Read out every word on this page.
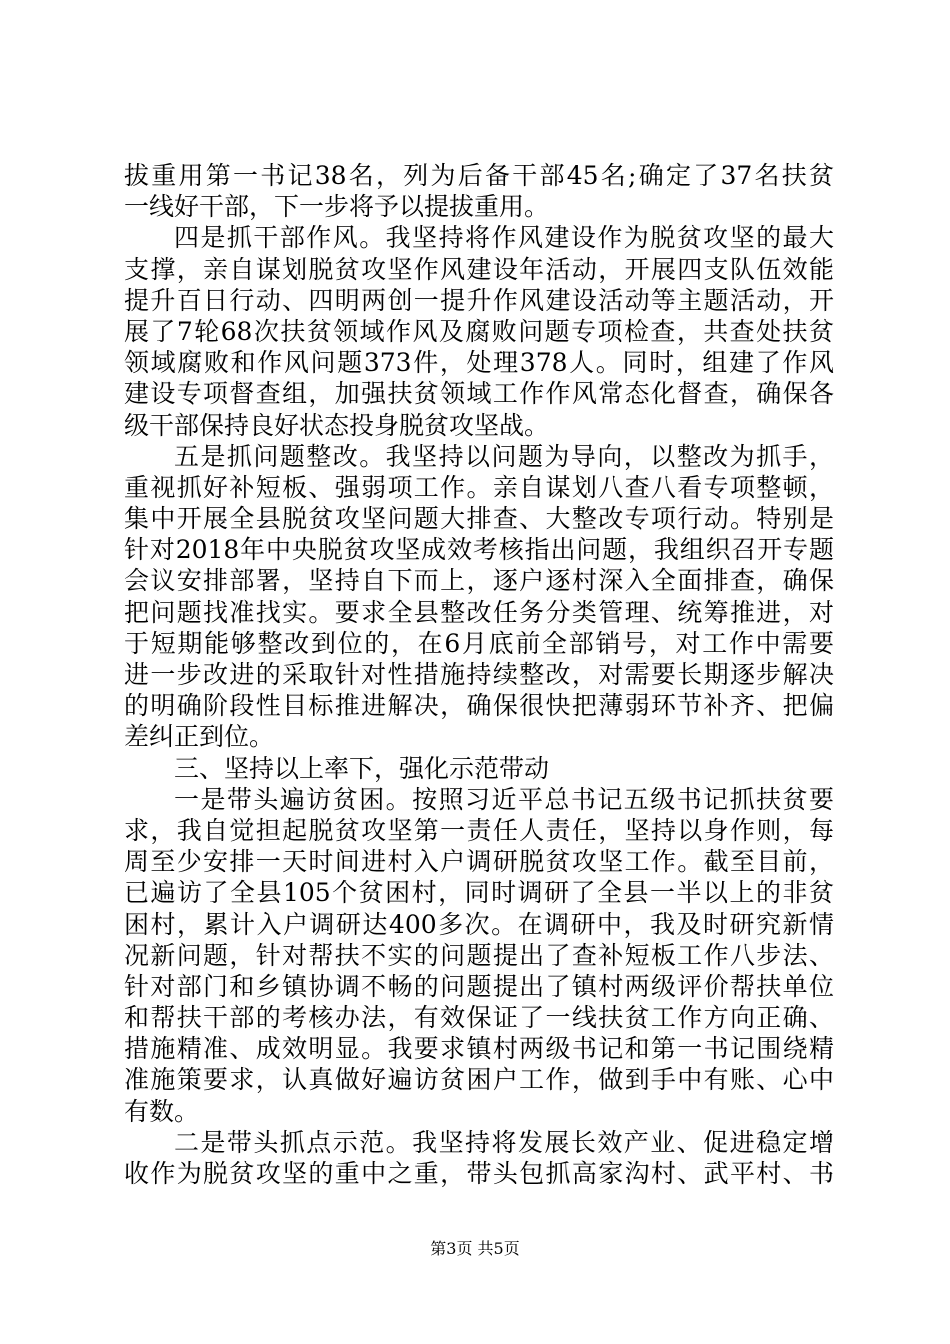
拔重用第一书记38名，列为后备干部45名;确定了37名扶贫
一线好干部，下一步将予以提拔重用。
四是抓干部作风。我坚持将作风建设作为脱贫攻坚的最大
支撑，亲自谋划脱贫攻坚作风建设年活动，开展四支队伍效能
提升百日行动、四明两创一提升作风建设活动等主题活动，开
展了7轮68次扶贫领域作风及腐败问题专项检查，共查处扶贫
领域腐败和作风问题373件，处理378人。同时，组建了作风
建设专项督查组，加强扶贫领域工作作风常态化督查，确保各
级干部保持良好状态投身脱贫攻坚战。
五是抓问题整改。我坚持以问题为导向，以整改为抓手，
重视抓好补短板、强弱项工作。亲自谋划八查八看专项整顿，
集中开展全县脱贫攻坚问题大排查、大整改专项行动。特别是
针对2018年中央脱贫攻坚成效考核指出问题，我组织召开专题
会议安排部署，坚持自下而上，逐户逐村深入全面排查，确保
把问题找准找实。要求全县整改任务分类管理、统筹推进，对
于短期能够整改到位的，在6月底前全部销号，对工作中需要
进一步改进的采取针对性措施持续整改，对需要长期逐步解决
的明确阶段性目标推进解决，确保很快把薄弱环节补齐、把偏
差纠正到位。
三、坚持以上率下，强化示范带动
一是带头遍访贫困。按照习近平总书记五级书记抓扶贫要
求，我自觉担起脱贫攻坚第一责任人责任，坚持以身作则，每
周至少安排一天时间进村入户调研脱贫攻坚工作。截至目前，
已遍访了全县105个贫困村，同时调研了全县一半以上的非贫
困村，累计入户调研达400多次。在调研中，我及时研究新情
况新问题，针对帮扶不实的问题提出了查补短板工作八步法、
针对部门和乡镇协调不畅的问题提出了镇村两级评价帮扶单位
和帮扶干部的考核办法，有效保证了一线扶贫工作方向正确、
措施精准、成效明显。我要求镇村两级书记和第一书记围绕精
准施策要求，认真做好遍访贫困户工作，做到手中有账、心中
有数。
二是带头抓点示范。我坚持将发展长效产业、促进稳定增
收作为脱贫攻坚的重中之重，带头包抓高家沟村、武平村、书
第3页 共5页
